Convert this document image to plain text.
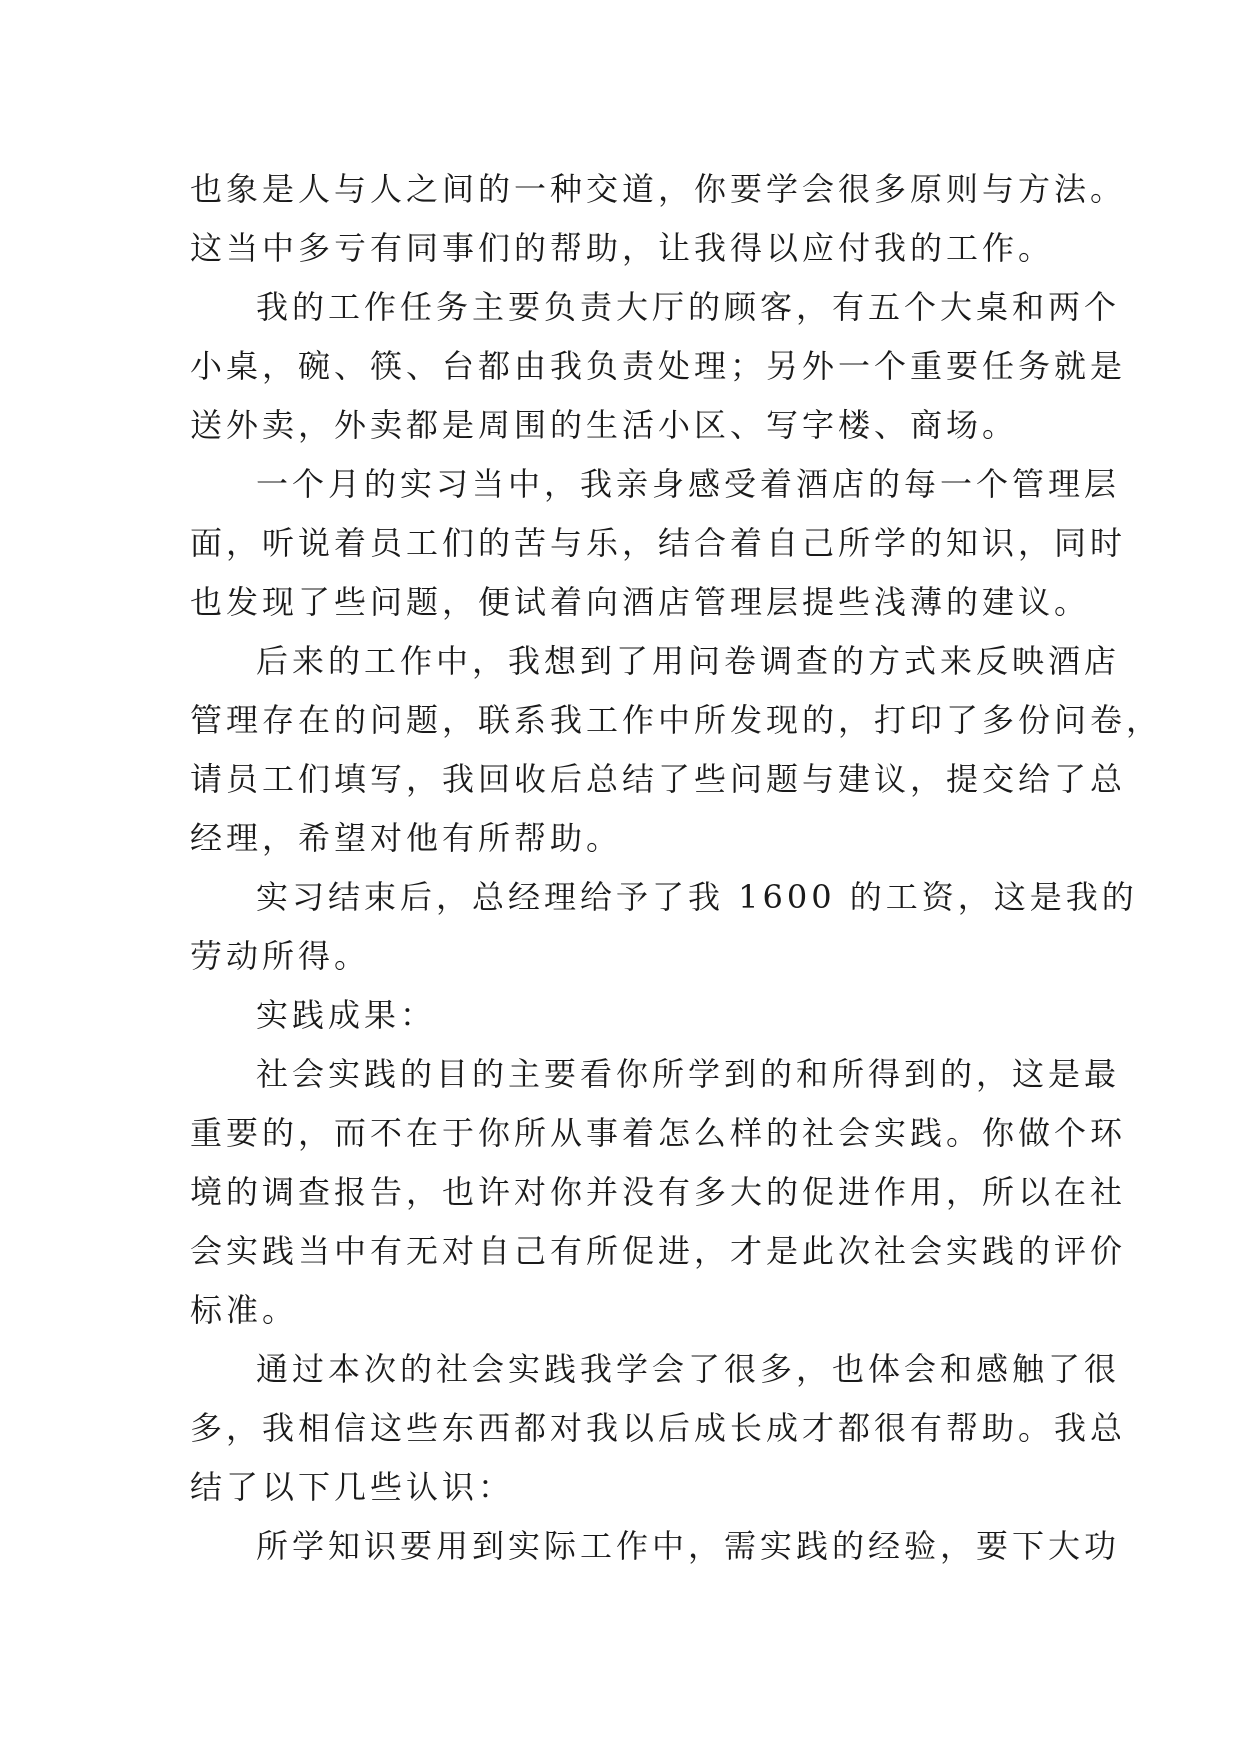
也象是人与人之间的一种交道，你要学会很多原则与方法。
这当中多亏有同事们的帮助，让我得以应付我的工作。
我的工作任务主要负责大厅的顾客，有五个大桌和两个
小桌，碗、筷、台都由我负责处理；另外一个重要任务就是
送外卖，外卖都是周围的生活小区、写字楼、商场。
一个月的实习当中，我亲身感受着酒店的每一个管理层
面，听说着员工们的苦与乐，结合着自己所学的知识，同时
也发现了些问题，便试着向酒店管理层提些浅薄的建议。
后来的工作中，我想到了用问卷调查的方式来反映酒店
管理存在的问题，联系我工作中所发现的，打印了多份问卷，
请员工们填写，我回收后总结了些问题与建议，提交给了总
经理，希望对他有所帮助。
实习结束后，总经理给予了我 1600 的工资，这是我的
劳动所得。
实践成果：
社会实践的目的主要看你所学到的和所得到的，这是最
重要的，而不在于你所从事着怎么样的社会实践。你做个环
境的调查报告，也许对你并没有多大的促进作用，所以在社
会实践当中有无对自己有所促进，才是此次社会实践的评价
标准。
通过本次的社会实践我学会了很多，也体会和感触了很
多，我相信这些东西都对我以后成长成才都很有帮助。我总
结了以下几些认识：
所学知识要用到实际工作中，需实践的经验，要下大功
